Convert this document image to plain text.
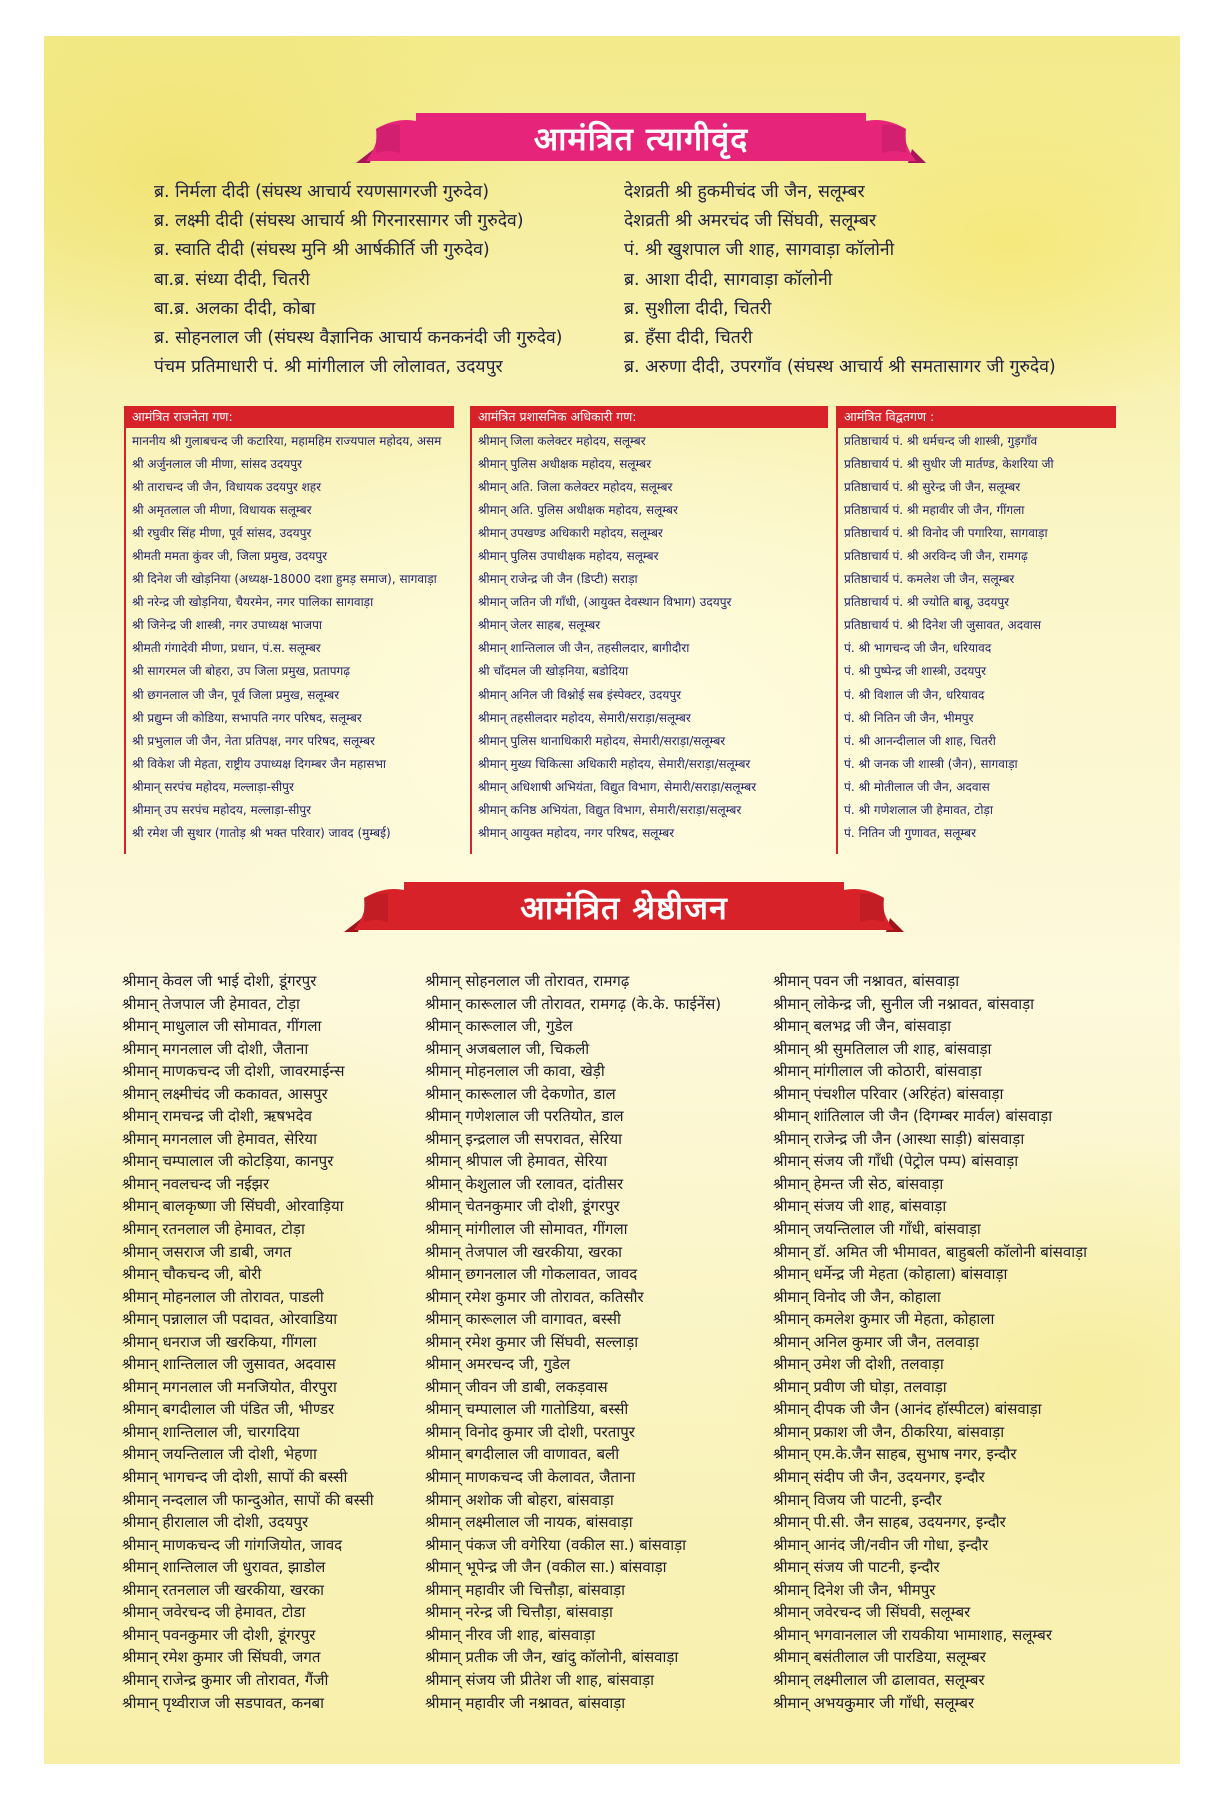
आमंत्रित त्यागीवृंद
ब्र. निर्मला दीदी (संघस्थ आचार्य रयणसागरजी गुरुदेव)
ब्र. लक्ष्मी दीदी (संघस्थ आचार्य श्री गिरनारसागर जी गुरुदेव)
ब्र. स्वाति दीदी (संघस्थ मुनि श्री आर्षकीर्ति जी गुरुदेव)
बा.ब्र. संध्या दीदी, चितरी
बा.ब्र. अलका दीदी, कोबा
ब्र. सोहनलाल जी (संघस्थ वैज्ञानिक आचार्य कनकनंदी जी गुरुदेव)
पंचम प्रतिमाधारी पं. श्री मांगीलाल जी लोलावत, उदयपुर
देशव्रती श्री हुकमीचंद जी जैन, सलूम्बर
देशव्रती श्री अमरचंद जी सिंघवी, सलूम्बर
पं. श्री खुशपाल जी शाह, सागवाड़ा कॉलोनी
ब्र. आशा दीदी, सागवाड़ा कॉलोनी
ब्र. सुशीला दीदी, चितरी
ब्र. हँसा दीदी, चितरी
ब्र. अरुणा दीदी, उपरगाँव (संघस्थ आचार्य श्री समतासागर जी गुरुदेव)
आमंत्रित राजनेता गण:
माननीय श्री गुलाबचन्द जी कटारिया, महामहिम राज्यपाल महोदय, असम
श्री अर्जुनलाल जी मीणा, सांसद उदयपुर
श्री ताराचन्द जी जैन, विधायक उदयपुर शहर
श्री अमृतलाल जी मीणा, विधायक सलूम्बर
श्री रघुवीर सिंह मीणा, पूर्व सांसद, उदयपुर
श्रीमती ममता कुंवर जी, जिला प्रमुख, उदयपुर
श्री दिनेश जी खोड़निया (अध्यक्ष-18000 दशा हुमड़ समाज), सागवाड़ा
श्री नरेन्द्र जी खोड़निया, चैयरमेन, नगर पालिका सागवाड़ा
श्री जिनेन्द्र जी शास्त्री, नगर उपाध्यक्ष भाजपा
श्रीमती गंगादेवी मीणा, प्रधान, पं.स. सलूम्बर
श्री सागरमल जी बोहरा, उप जिला प्रमुख, प्रतापगढ़
श्री छगनलाल जी जैन, पूर्व जिला प्रमुख, सलूम्बर
श्री प्रद्युम्न जी कोडिया, सभापति नगर परिषद, सलूम्बर
श्री प्रभुलाल जी जैन, नेता प्रतिपक्ष, नगर परिषद, सलूम्बर
श्री विकेश जी मेहता, राष्ट्रीय उपाध्यक्ष दिगम्बर जैन महासभा
श्रीमान् सरपंच महोदय, मल्लाड़ा-सीपुर
श्रीमान् उप सरपंच महोदय, मल्लाड़ा-सीपुर
श्री रमेश जी सुथार (गातोड़ श्री भक्त परिवार) जावद (मुम्बई)
आमंत्रित प्रशासनिक अधिकारी गण:
श्रीमान् जिला कलेक्टर महोदय, सलूम्बर
श्रीमान् पुलिस अधीक्षक महोदय, सलूम्बर
श्रीमान् अति. जिला कलेक्टर महोदय, सलूम्बर
श्रीमान् अति. पुलिस अधीक्षक महोदय, सलूम्बर
श्रीमान् उपखण्ड अधिकारी महोदय, सलूम्बर
श्रीमान् पुलिस उपाधीक्षक महोदय, सलूम्बर
श्रीमान् राजेन्द्र जी जैन (डिप्टी) सराड़ा
श्रीमान् जतिन जी गाँधी, (आयुक्त देवस्थान विभाग) उदयपुर
श्रीमान् जेलर साहब, सलूम्बर
श्रीमान् शान्तिलाल जी जैन, तहसीलदार, बागीदौरा
श्री चाँदमल जी खोड़निया, बडोदिया
श्रीमान् अनिल जी विश्नोई सब इंस्पेक्टर, उदयपुर
श्रीमान् तहसीलदार महोदय, सेमारी/सराड़ा/सलूम्बर
श्रीमान् पुलिस थानाधिकारी महोदय, सेमारी/सराड़ा/सलूम्बर
श्रीमान् मुख्य चिकित्सा अधिकारी महोदय, सेमारी/सराड़ा/सलूम्बर
श्रीमान् अधिशाषी अभियंता, विद्युत विभाग, सेमारी/सराड़ा/सलूम्बर
श्रीमान् कनिष्ठ अभियंता, विद्युत विभाग, सेमारी/सराड़ा/सलूम्बर
श्रीमान् आयुक्त महोदय, नगर परिषद, सलूम्बर
आमंत्रित विद्वतगण :
प्रतिष्ठाचार्य पं. श्री धर्मचन्द जी शास्त्री, गुड़गाँव
प्रतिष्ठाचार्य पं. श्री सुधीर जी मार्तण्ड, केशरिया जी
प्रतिष्ठाचार्य पं. श्री सुरेन्द्र जी जैन, सलूम्बर
प्रतिष्ठाचार्य पं. श्री महावीर जी जैन, गींगला
प्रतिष्ठाचार्य पं. श्री विनोद जी पगारिया, सागवाड़ा
प्रतिष्ठाचार्य पं. श्री अरविन्द जी जैन, रामगढ़
प्रतिष्ठाचार्य पं. कमलेश जी जैन, सलूम्बर
प्रतिष्ठाचार्य पं. श्री ज्योति बाबू, उदयपुर
प्रतिष्ठाचार्य पं. श्री दिनेश जी जुसावत, अदवास
पं. श्री भागचन्द जी जैन, धरियावद
पं. श्री पुष्पेन्द्र जी शास्त्री, उदयपुर
पं. श्री विशाल जी जैन, धरियावद
पं. श्री नितिन जी जैन, भीमपुर
पं. श्री आनन्दीलाल जी शाह, चितरी
पं. श्री जनक जी शास्त्री (जैन), सागवाड़ा
पं. श्री मोतीलाल जी जैन, अदवास
पं. श्री गणेशलाल जी हेमावत, टोड़ा
पं. नितिन जी गुणावत, सलूम्बर
आमंत्रित श्रेष्ठीजन
श्रीमान् केवल जी भाई दोशी, डूंगरपुर
श्रीमान् तेजपाल जी हेमावत, टोड़ा
श्रीमान् माधुलाल जी सोमावत, गींगला
श्रीमान् मगनलाल जी दोशी, जैताना
श्रीमान् माणकचन्द जी दोशी, जावरमाईन्स
श्रीमान् लक्ष्मीचंद जी ककावत, आसपुर
श्रीमान् रामचन्द्र जी दोशी, ऋषभदेव
श्रीमान् मगनलाल जी हेमावत, सेरिया
श्रीमान् चम्पालाल जी कोटड़िया, कानपुर
श्रीमान् नवलचन्द जी नईझर
श्रीमान् बालकृष्णा जी सिंघवी, ओरवाड़िया
श्रीमान् रतनलाल जी हेमावत, टोड़ा
श्रीमान् जसराज जी डाबी, जगत
श्रीमान् चौकचन्द जी, बोरी
श्रीमान् मोहनलाल जी तोरावत, पाडली
श्रीमान् पन्नालाल जी पदावत, ओरवाडिया
श्रीमान् धनराज जी खरकिया, गींगला
श्रीमान् शान्तिलाल जी जुसावत, अदवास
श्रीमान् मगनलाल जी मनजियोत, वीरपुरा
श्रीमान् बगदीलाल जी पंडित जी, भीण्डर
श्रीमान् शान्तिलाल जी, चारगदिया
श्रीमान् जयन्तिलाल जी दोशी, भेहणा
श्रीमान् भागचन्द जी दोशी, सापों की बस्सी
श्रीमान् नन्दलाल जी फान्दुओत, सापों की बस्सी
श्रीमान् हीरालाल जी दोशी, उदयपुर
श्रीमान् माणकचन्द जी गांगजियोत, जावद
श्रीमान् शान्तिलाल जी धुरावत, झाडोल
श्रीमान् रतनलाल जी खरकीया, खरका
श्रीमान् जवेरचन्द जी हेमावत, टोडा
श्रीमान् पवनकुमार जी दोशी, डूंगरपुर
श्रीमान् रमेश कुमार जी सिंघवी, जगत
श्रीमान् राजेन्द्र कुमार जी तोरावत, गैंजी
श्रीमान् पृथ्वीराज जी सडपावत, कनबा
श्रीमान् सोहनलाल जी तोरावत, रामगढ़
श्रीमान् कारूलाल जी तोरावत, रामगढ़ (के.के. फाईनेंस)
श्रीमान् कारूलाल जी, गुडेल
श्रीमान् अजबलाल जी, चिकली
श्रीमान् मोहनलाल जी कावा, खेड़ी
श्रीमान् कारूलाल जी देकणोत, डाल
श्रीमान् गणेशलाल जी परतियोत, डाल
श्रीमान् इन्द्रलाल जी सपरावत, सेरिया
श्रीमान् श्रीपाल जी हेमावत, सेरिया
श्रीमान् केशुलाल जी रलावत, दांतीसर
श्रीमान् चेतनकुमार जी दोशी, डूंगरपुर
श्रीमान् मांगीलाल जी सोमावत, गींगला
श्रीमान् तेजपाल जी खरकीया, खरका
श्रीमान् छगनलाल जी गोकलावत, जावद
श्रीमान् रमेश कुमार जी तोरावत, कतिसौर
श्रीमान् कारूलाल जी वागावत, बस्सी
श्रीमान् रमेश कुमार जी सिंघवी, सल्लाड़ा
श्रीमान् अमरचन्द जी, गुडेल
श्रीमान् जीवन जी डाबी, लकड़वास
श्रीमान् चम्पालाल जी गातोडिया, बस्सी
श्रीमान् विनोद कुमार जी दोशी, परतापुर
श्रीमान् बगदीलाल जी वाणावत, बली
श्रीमान् माणकचन्द जी केलावत, जैताना
श्रीमान् अशोक जी बोहरा, बांसवाड़ा
श्रीमान् लक्ष्मीलाल जी नायक, बांसवाड़ा
श्रीमान् पंकज जी वगेरिया (वकील सा.) बांसवाड़ा
श्रीमान् भूपेन्द्र जी जैन (वकील सा.) बांसवाड़ा
श्रीमान् महावीर जी चित्तौड़ा, बांसवाड़ा
श्रीमान् नरेन्द्र जी चित्तौड़ा, बांसवाड़ा
श्रीमान् नीरव जी शाह, बांसवाड़ा
श्रीमान् प्रतीक जी जैन, खांदु कॉलोनी, बांसवाड़ा
श्रीमान् संजय जी प्रीतेश जी शाह, बांसवाड़ा
श्रीमान् महावीर जी नश्नावत, बांसवाड़ा
श्रीमान् पवन जी नश्नावत, बांसवाड़ा
श्रीमान् लोकेन्द्र जी, सुनील जी नश्नावत, बांसवाड़ा
श्रीमान् बलभद्र जी जैन, बांसवाड़ा
श्रीमान् श्री सुमतिलाल जी शाह, बांसवाड़ा
श्रीमान् मांगीलाल जी कोठारी, बांसवाड़ा
श्रीमान् पंचशील परिवार (अरिहंत) बांसवाड़ा
श्रीमान् शांतिलाल जी जैन (दिगम्बर मार्वल) बांसवाड़ा
श्रीमान् राजेन्द्र जी जैन (आस्था साड़ी) बांसवाड़ा
श्रीमान् संजय जी गाँधी (पेट्रोल पम्प) बांसवाड़ा
श्रीमान् हेमन्त जी सेठ, बांसवाड़ा
श्रीमान् संजय जी शाह, बांसवाड़ा
श्रीमान् जयन्तिलाल जी गाँधी, बांसवाड़ा
श्रीमान् डॉ. अमित जी भीमावत, बाहुबली कॉलोनी बांसवाड़ा
श्रीमान् धर्मेन्द्र जी मेहता (कोहाला) बांसवाड़ा
श्रीमान् विनोद जी जैन, कोहाला
श्रीमान् कमलेश कुमार जी मेहता, कोहाला
श्रीमान् अनिल कुमार जी जैन, तलवाड़ा
श्रीमान् उमेश जी दोशी, तलवाड़ा
श्रीमान् प्रवीण जी घोड़ा, तलवाड़ा
श्रीमान् दीपक जी जैन (आनंद हॉस्पीटल) बांसवाड़ा
श्रीमान् प्रकाश जी जैन, ठीकरिया, बांसवाड़ा
श्रीमान् एम.के.जैन साहब, सुभाष नगर, इन्दौर
श्रीमान् संदीप जी जैन, उदयनगर, इन्दौर
श्रीमान् विजय जी पाटनी, इन्दौर
श्रीमान् पी.सी. जैन साहब, उदयनगर, इन्दौर
श्रीमान् आनंद जी/नवीन जी गोधा, इन्दौर
श्रीमान् संजय जी पाटनी, इन्दौर
श्रीमान् दिनेश जी जैन, भीमपुर
श्रीमान् जवेरचन्द जी सिंघवी, सलूम्बर
श्रीमान् भगवानलाल जी रायकीया भामाशाह, सलूम्बर
श्रीमान् बसंतीलाल जी पारडिया, सलूम्बर
श्रीमान् लक्ष्मीलाल जी ढालावत, सलूम्बर
श्रीमान् अभयकुमार जी गाँधी, सलूम्बर
